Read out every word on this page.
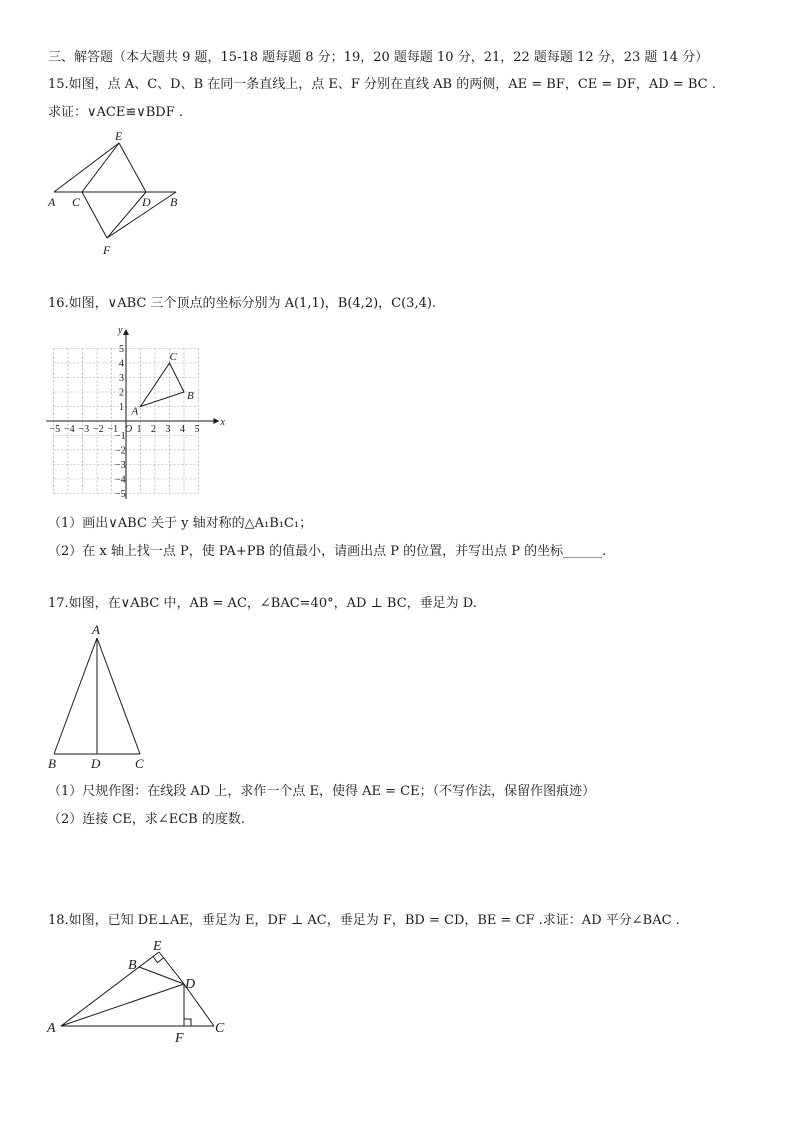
三、解答题（本大题共 9 题，15-18 题每题 8 分；19，20 题每题 10 分，21，22 题每题 12 分，23 题 14 分）
15.如图，点 A、C、D、B 在同一条直线上，点 E、F 分别在直线 AB 的两侧，AE = BF，CE = DF，AD = BC .
求证：∨ACE≌∨BDF .
E
A C	D B
F
16.如图，∨ABC 三个顶点的坐标分别为 A(1,1)，B(4,2)，C(3,4).
−5 −4 −3 −2 −1 1 2 3 4 5
5
4
3
2
1
−1
−2
−3
−4
−5
O
x
y
A
B
C
（1）画出∨ABC 关于 y 轴对称的△A₁B₁C₁；
（2）在 x 轴上找一点 P，使 PA+PB 的值最小，请画出点 P 的位置，并写出点 P 的坐标______.
17.如图，在∨ABC 中，AB = AC，∠BAC=40°，AD ⊥ BC，垂足为 D.
A
B	D	C
（1）尺规作图：在线段 AD 上，求作一个点 E，使得 AE = CE；（不写作法，保留作图痕迹）
（2）连接 CE，求∠ECB 的度数.
18.如图，已知 DE⊥AE，垂足为 E，DF ⊥ AC，垂足为 F，BD = CD，BE = CF .求证：AD 平分∠BAC .
E
B
D
A	C
F
